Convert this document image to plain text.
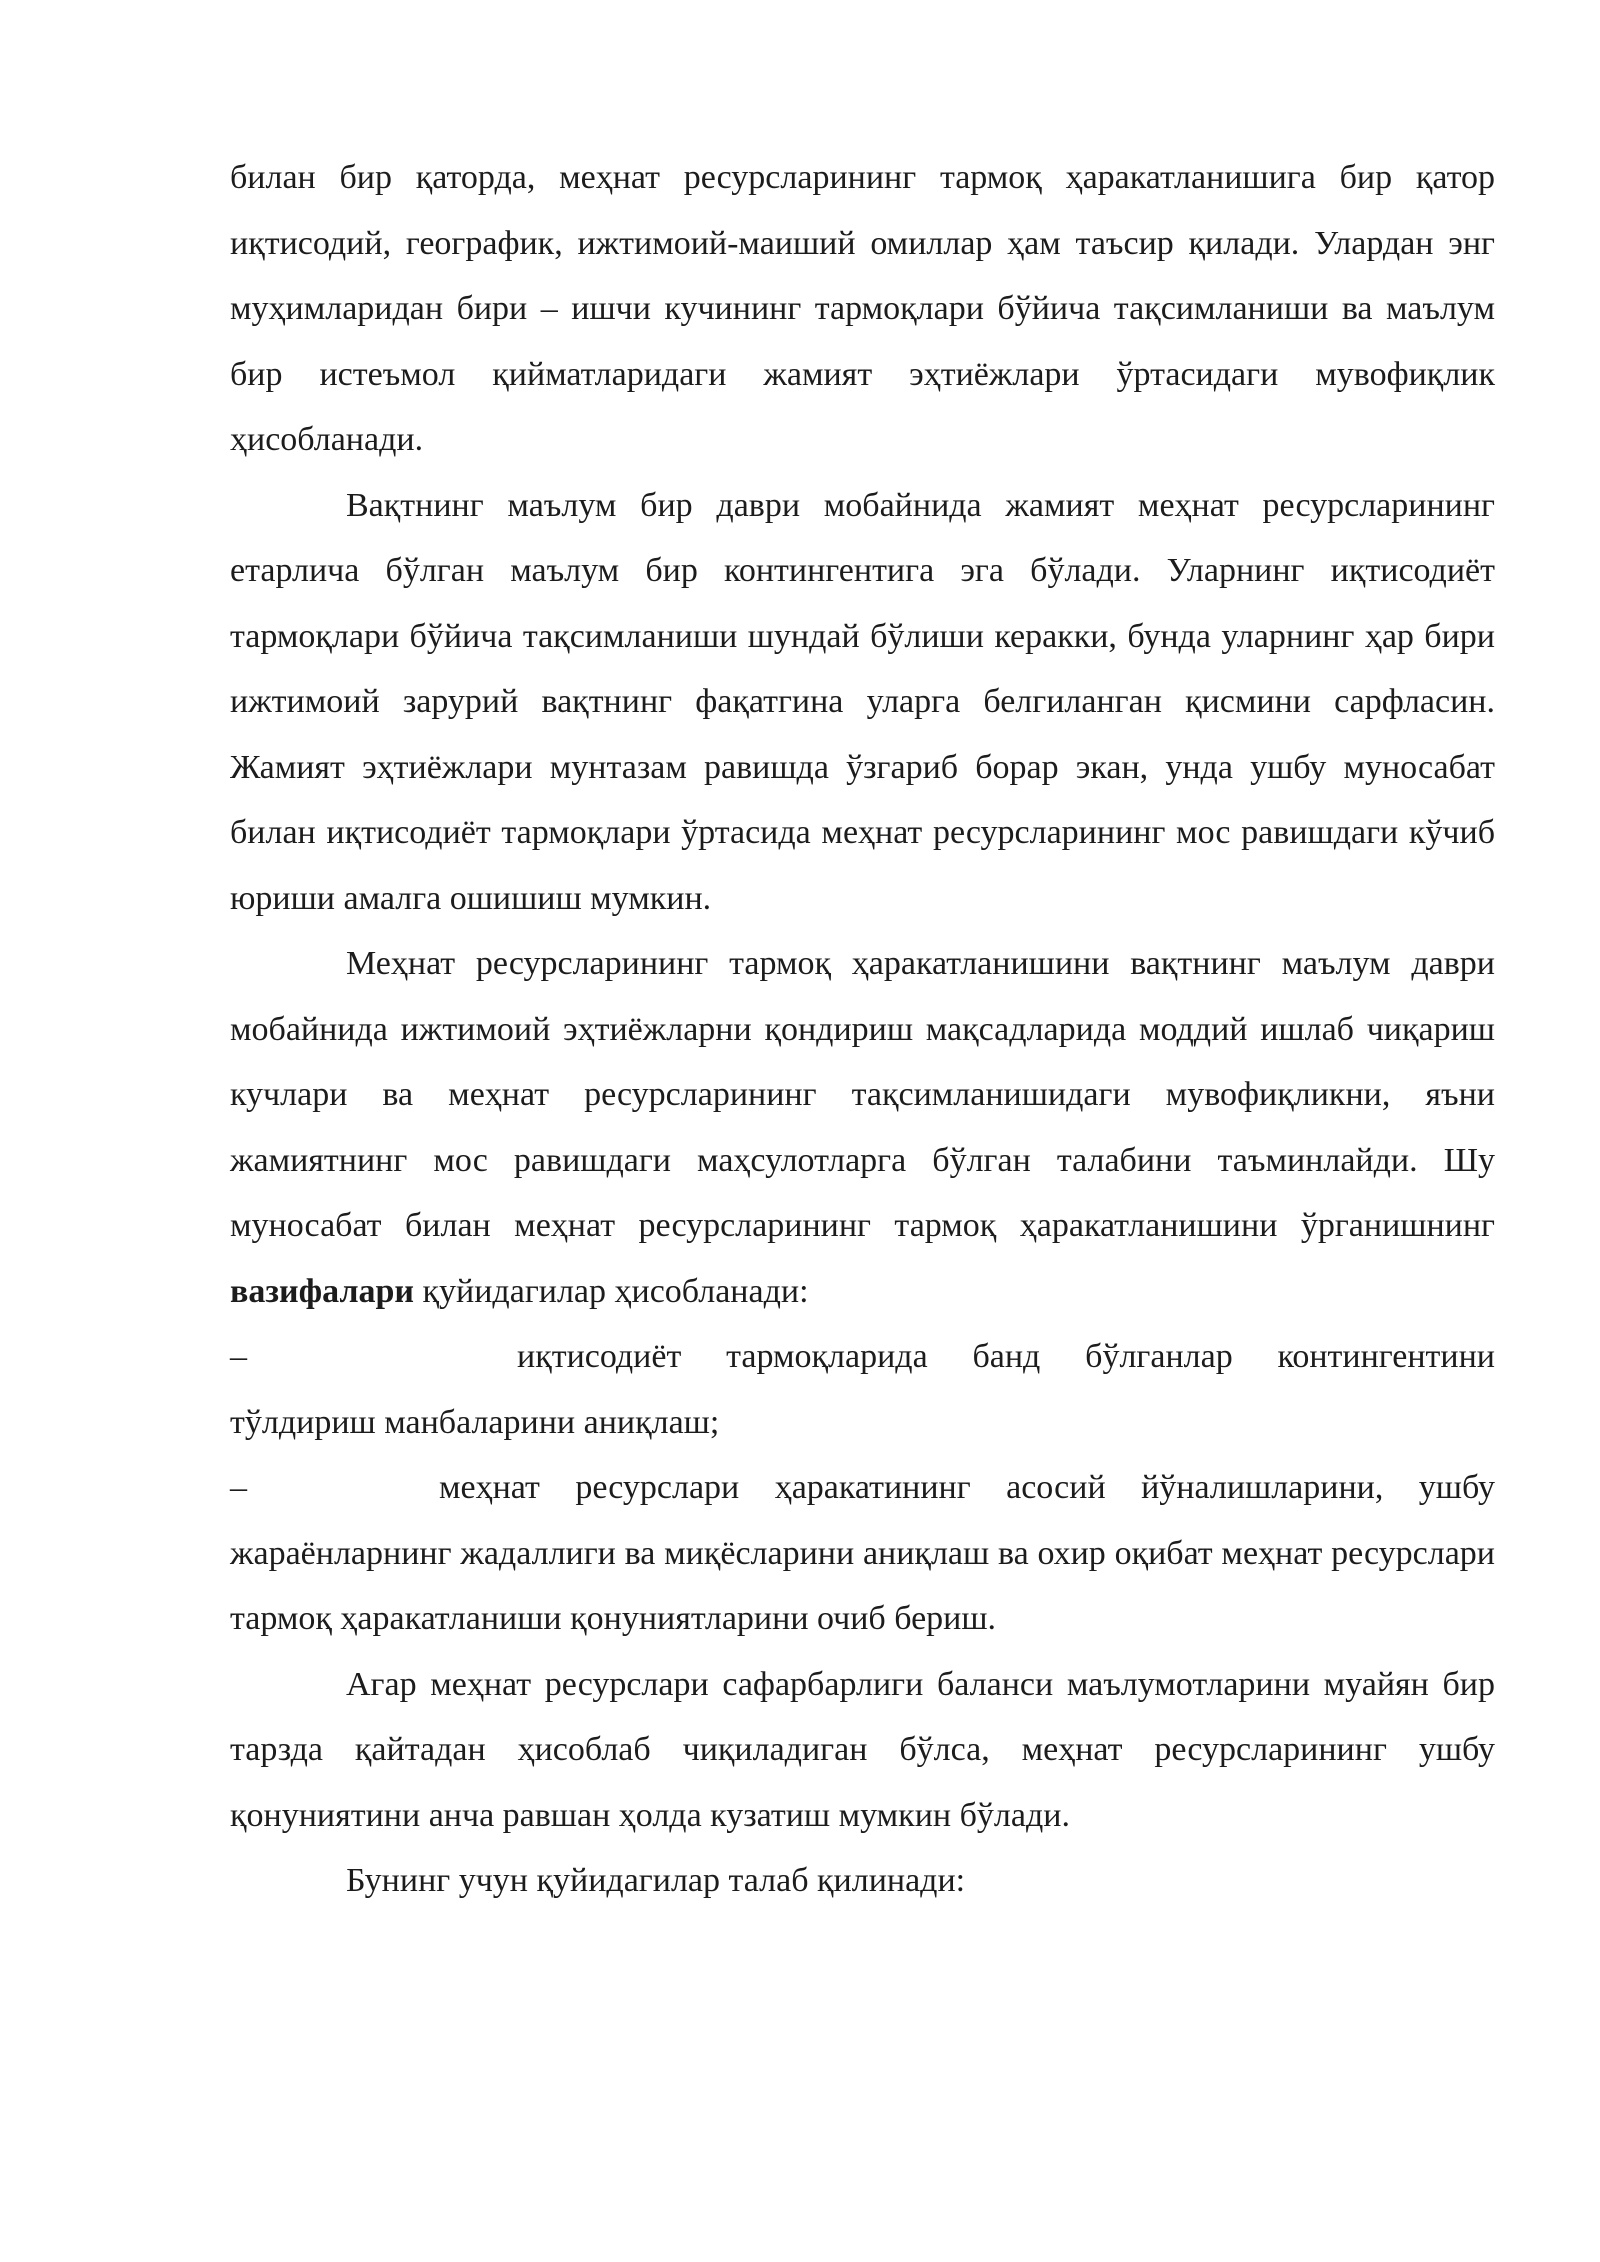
билан бир қаторда, меҳнат ресурсларининг тармоқ ҳаракатланишига бир қатор иқтисодий, географик, ижтимоий-маиший омиллар ҳам таъсир қилади. Улардан энг муҳимларидан бири – ишчи кучининг тармоқлари бўйича тақсимланиши ва маълум бир истеъмол қийматларидаги жамият эҳтиёжлари ўртасидаги мувофиқлик ҳисобланади.

Вақтнинг маълум бир даври мобайнида жамият меҳнат ресурсларининг етарлича бўлган маълум бир контингентига эга бўлади. Уларнинг иқтисодиёт тармоқлари бўйича тақсимланиши шундай бўлиши керакки, бунда уларнинг ҳар бири ижтимоий зарурий вақтнинг фақатгина уларга белгиланган қисмини сарфласин. Жамият эҳтиёжлари мунтазам равишда ўзгариб борар экан, унда ушбу муносабат билан иқтисодиёт тармоқлари ўртасида меҳнат ресурсларининг мос равишдаги кўчиб юриши амалга ошишиш мумкин.

Меҳнат ресурсларининг тармоқ ҳаракатланишини вақтнинг маълум даври мобайнида ижтимоий эҳтиёжларни қондириш мақсадларида моддий ишлаб чиқариш кучлари ва меҳнат ресурсларининг тақсимланишидаги мувофиқликни, яъни жамиятнинг мос равишдаги маҳсулотларга бўлган талабини таъминлайди. Шу муносабат билан меҳнат ресурсларининг тармоқ ҳаракатланишини ўрганишнинг вазифалари қуйидагилар ҳисобланади:

–	иқтисодиёт тармоқларида банд бўлганлар контингентини тўлдириш манбаларини аниқлаш;

–	меҳнат ресурслари ҳаракатининг асосий йўналишларини, ушбу жараёнларнинг жадаллиги ва миқёсларини аниқлаш ва охир оқибат меҳнат ресурслари тармоқ ҳаракатланиши қонуниятларини очиб бериш.

Агар меҳнат ресурслари сафарбарлиги баланси маълумотларини муайян бир тарзда қайтадан ҳисоблаб чиқиладиган бўлса, меҳнат ресурсларининг ушбу қонуниятини анча равшан ҳолда кузатиш мумкин бўлади.

Бунинг учун қуйидагилар талаб қилинади:
